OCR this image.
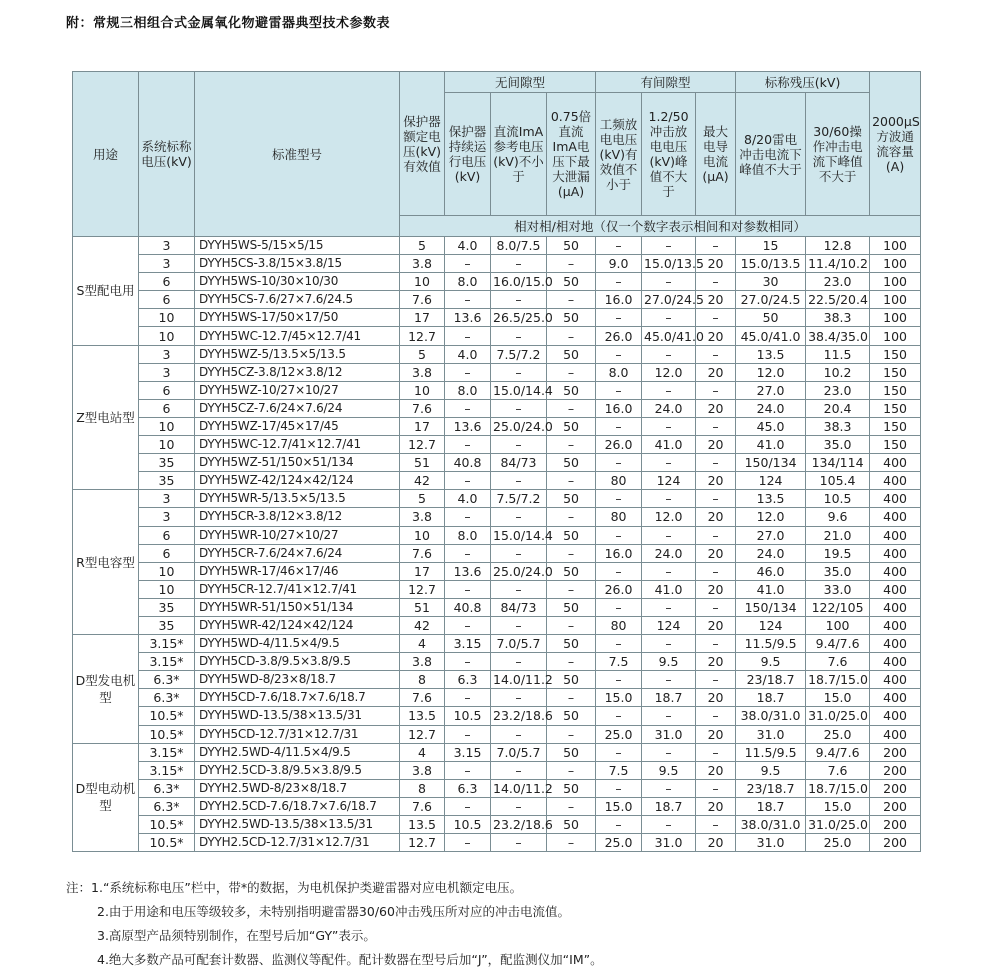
附：常规三相组合式金属氧化物避雷器典型技术参数表
用途	系统标称电压(kV)	标准型号	保护器额定电压(kV)有效值	无间隙型			有间隙型			标称残压(kV)		2000μS方波通流容量(A)
				保护器持续运行电压(kV)	直流ImA参考电压(kV)不小于	0.75倍直流ImA电压下最大泄漏(μA)	工频放电电压(kV)有效值不小于	1.2/50冲击放电电压(kV)峰值不大于	最大电导电流(μA)	8/20雷电冲击电流下峰值不大于	30/60操作冲击电流下峰值不大于	
			相对相/相对地（仅一个数字表示相间和对参数相同）									
S型配电用	3	DYYH5WS-5/15×5/15	5	4.0	8.0/7.5	50	–	–	–	15	12.8	100
	3	DYYH5CS-3.8/15×3.8/15	3.8	–	–	–	9.0	15.0/13.5	20	15.0/13.5	11.4/10.2	100
	6	DYYH5WS-10/30×10/30	10	8.0	16.0/15.0	50	–	–	–	30	23.0	100
	6	DYYH5CS-7.6/27×7.6/24.5	7.6	–	–	–	16.0	27.0/24.5	20	27.0/24.5	22.5/20.4	100
	10	DYYH5WS-17/50×17/50	17	13.6	26.5/25.0	50	–	–	–	50	38.3	100
	10	DYYH5WC-12.7/45×12.7/41	12.7	–	–	–	26.0	45.0/41.0	20	45.0/41.0	38.4/35.0	100
Z型电站型	3	DYYH5WZ-5/13.5×5/13.5	5	4.0	7.5/7.2	50	–	–	–	13.5	11.5	150
	3	DYYH5CZ-3.8/12×3.8/12	3.8	–	–	–	8.0	12.0	20	12.0	10.2	150
	6	DYYH5WZ-10/27×10/27	10	8.0	15.0/14.4	50	–	–	–	27.0	23.0	150
	6	DYYH5CZ-7.6/24×7.6/24	7.6	–	–	–	16.0	24.0	20	24.0	20.4	150
	10	DYYH5WZ-17/45×17/45	17	13.6	25.0/24.0	50	–	–	–	45.0	38.3	150
	10	DYYH5WC-12.7/41×12.7/41	12.7	–	–	–	26.0	41.0	20	41.0	35.0	150
	35	DYYH5WZ-51/150×51/134	51	40.8	84/73	50	–	–	–	150/134	134/114	400
	35	DYYH5WZ-42/124×42/124	42	–	–	–	80	124	20	124	105.4	400
R型电容型	3	DYYH5WR-5/13.5×5/13.5	5	4.0	7.5/7.2	50	–	–	–	13.5	10.5	400
	3	DYYH5CR-3.8/12×3.8/12	3.8	–	–	–	80	12.0	20	12.0	9.6	400
	6	DYYH5WR-10/27×10/27	10	8.0	15.0/14.4	50	–	–	–	27.0	21.0	400
	6	DYYH5CR-7.6/24×7.6/24	7.6	–	–	–	16.0	24.0	20	24.0	19.5	400
	10	DYYH5WR-17/46×17/46	17	13.6	25.0/24.0	50	–	–	–	46.0	35.0	400
	10	DYYH5CR-12.7/41×12.7/41	12.7	–	–	–	26.0	41.0	20	41.0	33.0	400
	35	DYYH5WR-51/150×51/134	51	40.8	84/73	50	–	–	–	150/134	122/105	400
	35	DYYH5WR-42/124×42/124	42	–	–	–	80	124	20	124	100	400
D型发电机型	3.15*	DYYH5WD-4/11.5×4/9.5	4	3.15	7.0/5.7	50	–	–	–	11.5/9.5	9.4/7.6	400
	3.15*	DYYH5CD-3.8/9.5×3.8/9.5	3.8	–	–	–	7.5	9.5	20	9.5	7.6	400
	6.3*	DYYH5WD-8/23×8/18.7	8	6.3	14.0/11.2	50	–	–	–	23/18.7	18.7/15.0	400
	6.3*	DYYH5CD-7.6/18.7×7.6/18.7	7.6	–	–	–	15.0	18.7	20	18.7	15.0	400
	10.5*	DYYH5WD-13.5/38×13.5/31	13.5	10.5	23.2/18.6	50	–	–	–	38.0/31.0	31.0/25.0	400
	10.5*	DYYH5CD-12.7/31×12.7/31	12.7	–	–	–	25.0	31.0	20	31.0	25.0	400
D型电动机型	3.15*	DYYH2.5WD-4/11.5×4/9.5	4	3.15	7.0/5.7	50	–	–	–	11.5/9.5	9.4/7.6	200
	3.15*	DYYH2.5CD-3.8/9.5×3.8/9.5	3.8	–	–	–	7.5	9.5	20	9.5	7.6	200
	6.3*	DYYH2.5WD-8/23×8/18.7	8	6.3	14.0/11.2	50	–	–	–	23/18.7	18.7/15.0	200
	6.3*	DYYH2.5CD-7.6/18.7×7.6/18.7	7.6	–	–	–	15.0	18.7	20	18.7	15.0	200
	10.5*	DYYH2.5WD-13.5/38×13.5/31	13.5	10.5	23.2/18.6	50	–	–	–	38.0/31.0	31.0/25.0	200
	10.5*	DYYH2.5CD-12.7/31×12.7/31	12.7	–	–	–	25.0	31.0	20	31.0	25.0	200
注：1.“系统标称电压”栏中，带*的数据，为电机保护类避雷器对应电机额定电压。
2.由于用途和电压等级较多，未特别指明避雷器30/60冲击残压所对应的冲击电流值。
3.高原型产品须特别制作，在型号后加“GY”表示。
4.绝大多数产品可配套计数器、监测仪等配件。配计数器在型号后加“J”，配监测仪加“IM”。
